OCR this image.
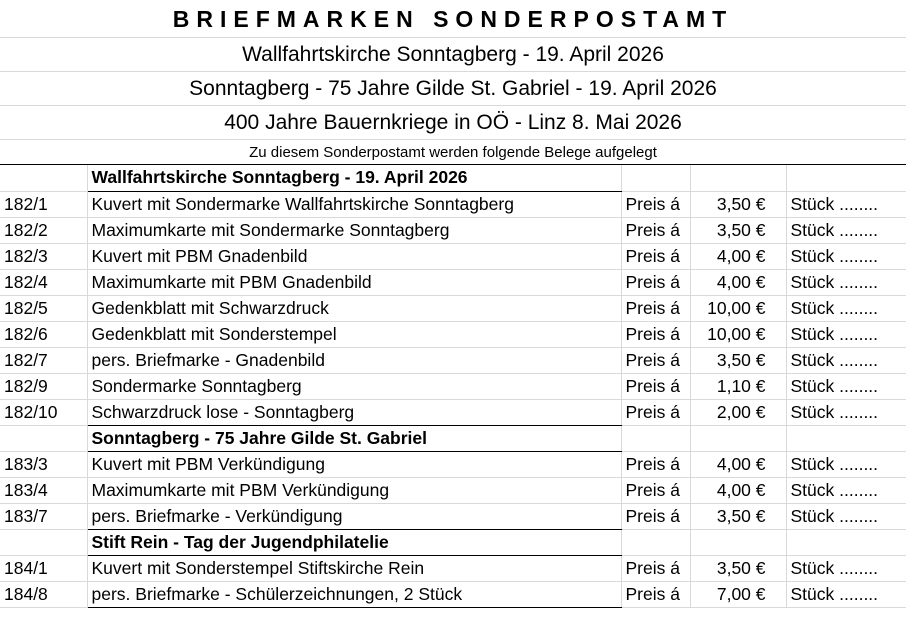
BRIEFMARKEN SONDERPOSTAMT
Wallfahrtskirche Sonntagberg - 19. April 2026
Sonntagberg - 75 Jahre Gilde St. Gabriel - 19. April 2026
400 Jahre Bauernkriege in OÖ - Linz 8. Mai 2026
Zu diesem Sonderpostamt werden folgende Belege aufgelegt
	Wallfahrtskirche Sonntagberg - 19. April 2026			
182/1	Kuvert mit Sondermarke Wallfahrtskirche Sonntagberg	Preis á	3,50 €	Stück ........
182/2	Maximumkarte mit Sondermarke Sonntagberg	Preis á	3,50 €	Stück ........
182/3	Kuvert mit PBM Gnadenbild	Preis á	4,00 €	Stück ........
182/4	Maximumkarte mit PBM Gnadenbild	Preis á	4,00 €	Stück ........
182/5	Gedenkblatt mit Schwarzdruck	Preis á	10,00 €	Stück ........
182/6	Gedenkblatt mit Sonderstempel	Preis á	10,00 €	Stück ........
182/7	pers. Briefmarke - Gnadenbild	Preis á	3,50 €	Stück ........
182/9	Sondermarke Sonntagberg	Preis á	1,10 €	Stück ........
182/10	Schwarzdruck lose - Sonntagberg	Preis á	2,00 €	Stück ........
	Sonntagberg - 75 Jahre Gilde St. Gabriel			
183/3	Kuvert mit PBM Verkündigung	Preis á	4,00 €	Stück ........
183/4	Maximumkarte mit PBM Verkündigung	Preis á	4,00 €	Stück ........
183/7	pers. Briefmarke - Verkündigung	Preis á	3,50 €	Stück ........
	Stift Rein - Tag der Jugendphilatelie			
184/1	Kuvert mit Sonderstempel Stiftskirche Rein	Preis á	3,50 €	Stück ........
184/8	pers. Briefmarke - Schülerzeichnungen, 2 Stück	Preis á	7,00 €	Stück ........
